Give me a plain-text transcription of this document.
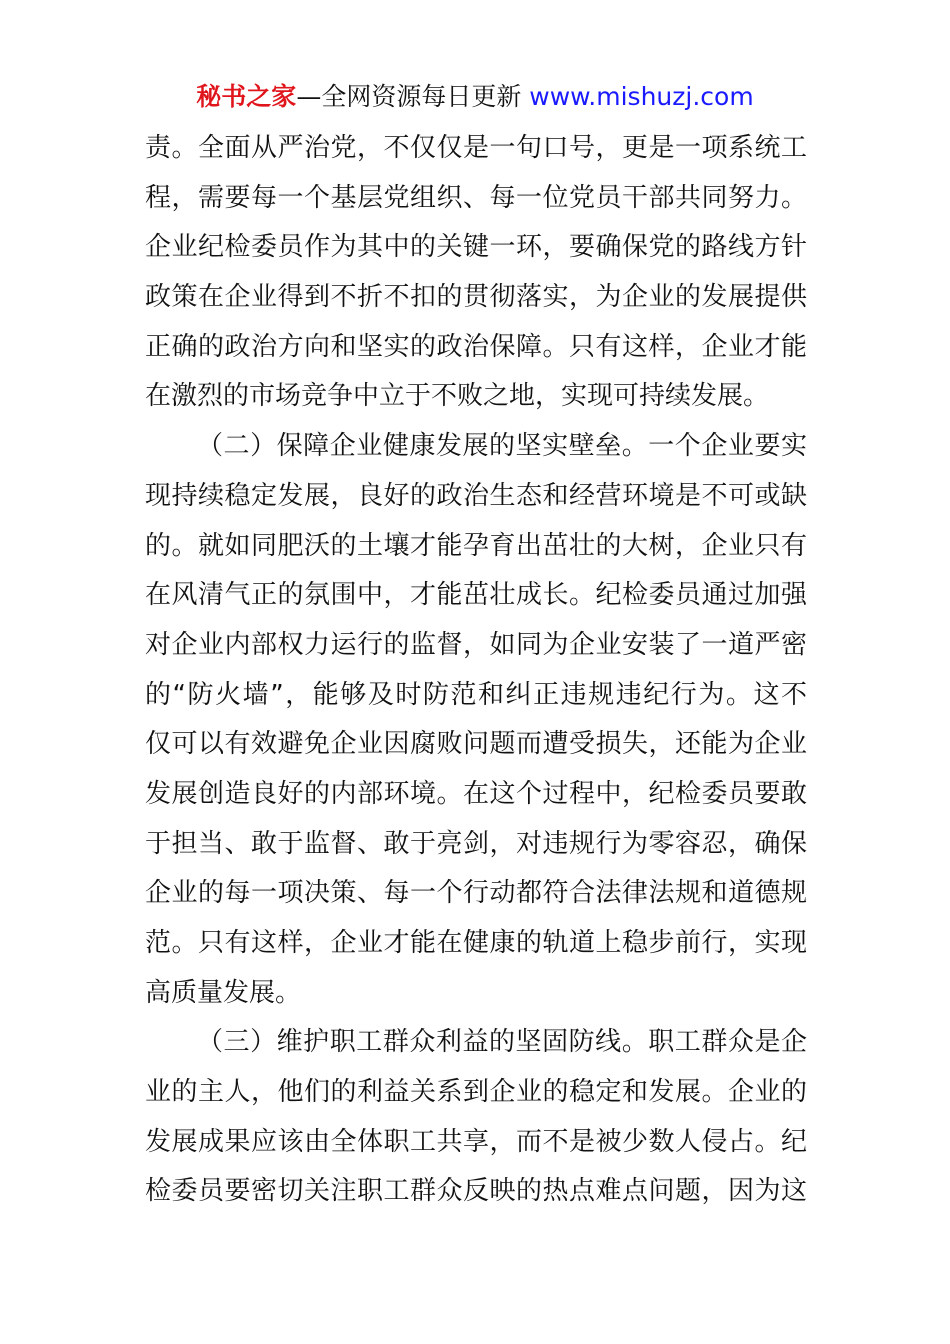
秘书之家—全网资源每日更新 www.mishuzj.com
责。全面从严治党，不仅仅是一句口号，更是一项系统工
程，需要每一个基层党组织、每一位党员干部共同努力。
企业纪检委员作为其中的关键一环，要确保党的路线方针
政策在企业得到不折不扣的贯彻落实，为企业的发展提供
正确的政治方向和坚实的政治保障。只有这样，企业才能
在激烈的市场竞争中立于不败之地，实现可持续发展。
（二）保障企业健康发展的坚实壁垒。一个企业要实
现持续稳定发展，良好的政治生态和经营环境是不可或缺
的。就如同肥沃的土壤才能孕育出茁壮的大树，企业只有
在风清气正的氛围中，才能茁壮成长。纪检委员通过加强
对企业内部权力运行的监督，如同为企业安装了一道严密
的“防火墙”，能够及时防范和纠正违规违纪行为。这不
仅可以有效避免企业因腐败问题而遭受损失，还能为企业
发展创造良好的内部环境。在这个过程中，纪检委员要敢
于担当、敢于监督、敢于亮剑，对违规行为零容忍，确保
企业的每一项决策、每一个行动都符合法律法规和道德规
范。只有这样，企业才能在健康的轨道上稳步前行，实现
高质量发展。
（三）维护职工群众利益的坚固防线。职工群众是企
业的主人，他们的利益关系到企业的稳定和发展。企业的
发展成果应该由全体职工共享，而不是被少数人侵占。纪
检委员要密切关注职工群众反映的热点难点问题，因为这
